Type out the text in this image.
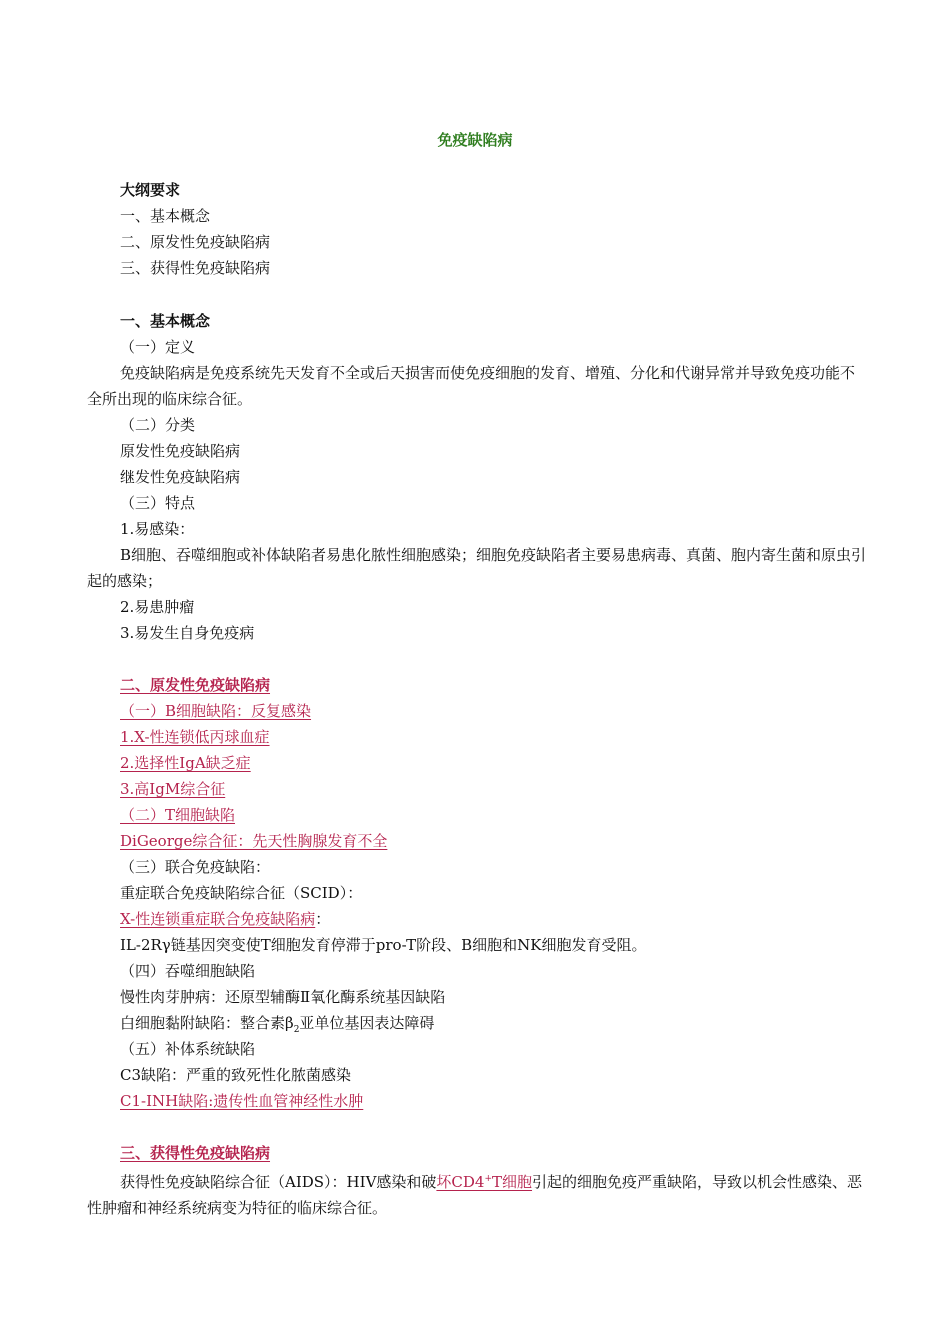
免疫缺陷病
大纲要求
一、基本概念
二、原发性免疫缺陷病
三、获得性免疫缺陷病
一、基本概念
（一）定义
免疫缺陷病是免疫系统先天发育不全或后天损害而使免疫细胞的发育、增殖、分化和代谢异常并导致免疫功能不全所出现的临床综合征。
（二）分类
原发性免疫缺陷病
继发性免疫缺陷病
（三）特点
1.易感染：
B细胞、吞噬细胞或补体缺陷者易患化脓性细胞感染；细胞免疫缺陷者主要易患病毒、真菌、胞内寄生菌和原虫引起的感染；
2.易患肿瘤
3.易发生自身免疫病
二、原发性免疫缺陷病
（一）B细胞缺陷：反复感染
1.X-性连锁低丙球血症
2.选择性IgA缺乏症
3.高IgM综合征
（二）T细胞缺陷
DiGeorge综合征：先天性胸腺发育不全
（三）联合免疫缺陷：
重症联合免疫缺陷综合征（SCID）：
X-性连锁重症联合免疫缺陷病：
IL-2Rγ链基因突变使T细胞发育停滞于pro-T阶段、B细胞和NK细胞发育受阻。
（四）吞噬细胞缺陷
慢性肉芽肿病：还原型辅酶Ⅱ氧化酶系统基因缺陷
白细胞黏附缺陷：整合素$\beta_2$亚单位基因表达障碍
（五）补体系统缺陷
C3缺陷：严重的致死性化脓菌感染
C1-INH缺陷:遗传性血管神经性水肿
三、获得性免疫缺陷病
获得性免疫缺陷综合征（AIDS）：HIV感染和破坏CD4+T细胞引起的细胞免疫严重缺陷，导致以机会性感染、恶性肿瘤和神经系统病变为特征的临床综合征。
